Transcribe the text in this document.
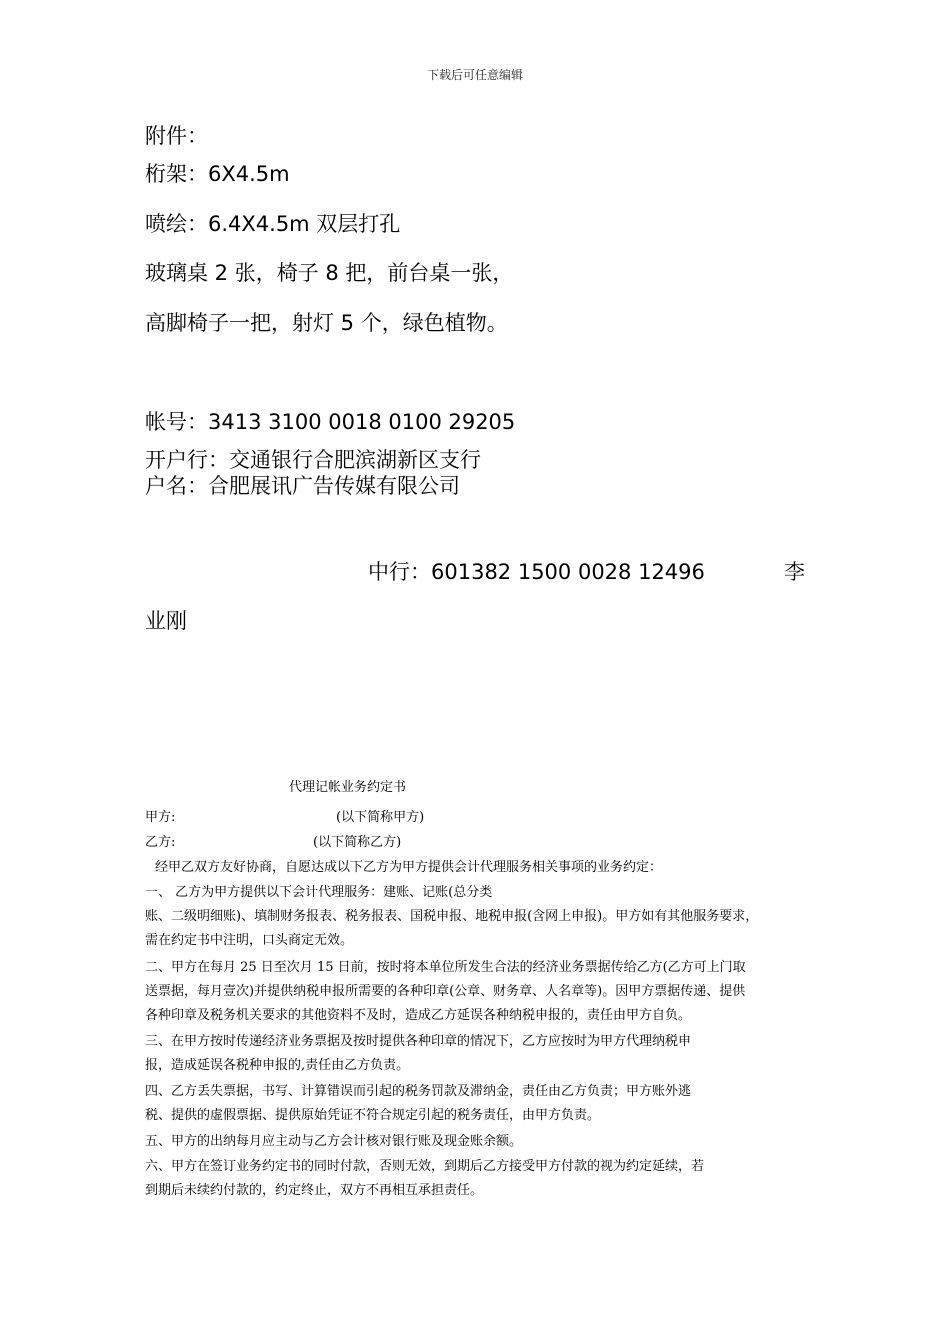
下载后可任意编辑
附件：
桁架：6X4.5m
喷绘：6.4X4.5m 双层打孔
玻璃桌 2 张，椅子 8 把，前台桌一张，
高脚椅子一把，射灯 5 个，绿色植物。
帐号：3413 3100 0018 0100 29205
开户行：交通银行合肥滨湖新区支行
户名：合肥展讯广告传媒有限公司
中行：601382 1500 0028 12496	李
业刚
代理记帐业务约定书
甲方:	(以下简称甲方)
乙方:	(以下简称乙方)
经甲乙双方友好协商，自愿达成以下乙方为甲方提供会计代理服务相关事项的业务约定：
一、 乙方为甲方提供以下会计代理服务：建账、记账(总分类
账、二级明细账)、填制财务报表、税务报表、国税申报、地税申报(含网上申报)。甲方如有其他服务要求，
需在约定书中注明，口头商定无效。
二、甲方在每月 25 日至次月 15 日前，按时将本单位所发生合法的经济业务票据传给乙方(乙方可上门取
送票据，每月壹次)并提供纳税申报所需要的各种印章(公章、财务章、人名章等)。因甲方票据传递、提供
各种印章及税务机关要求的其他资料不及时，造成乙方延误各种纳税申报的，责任由甲方自负。
三、在甲方按时传递经济业务票据及按时提供各种印章的情况下，乙方应按时为甲方代理纳税申
报，造成延误各税种申报的,责任由乙方负责。
四、乙方丢失票据，书写、计算错误而引起的税务罚款及滞纳金，责任由乙方负责；甲方账外逃
税、提供的虚假票据、提供原始凭证不符合规定引起的税务责任，由甲方负责。
五、甲方的出纳每月应主动与乙方会计核对银行账及现金账余额。
六、甲方在签订业务约定书的同时付款，否则无效，到期后乙方接受甲方付款的视为约定延续，若
到期后未续约付款的，约定终止，双方不再相互承担责任。
